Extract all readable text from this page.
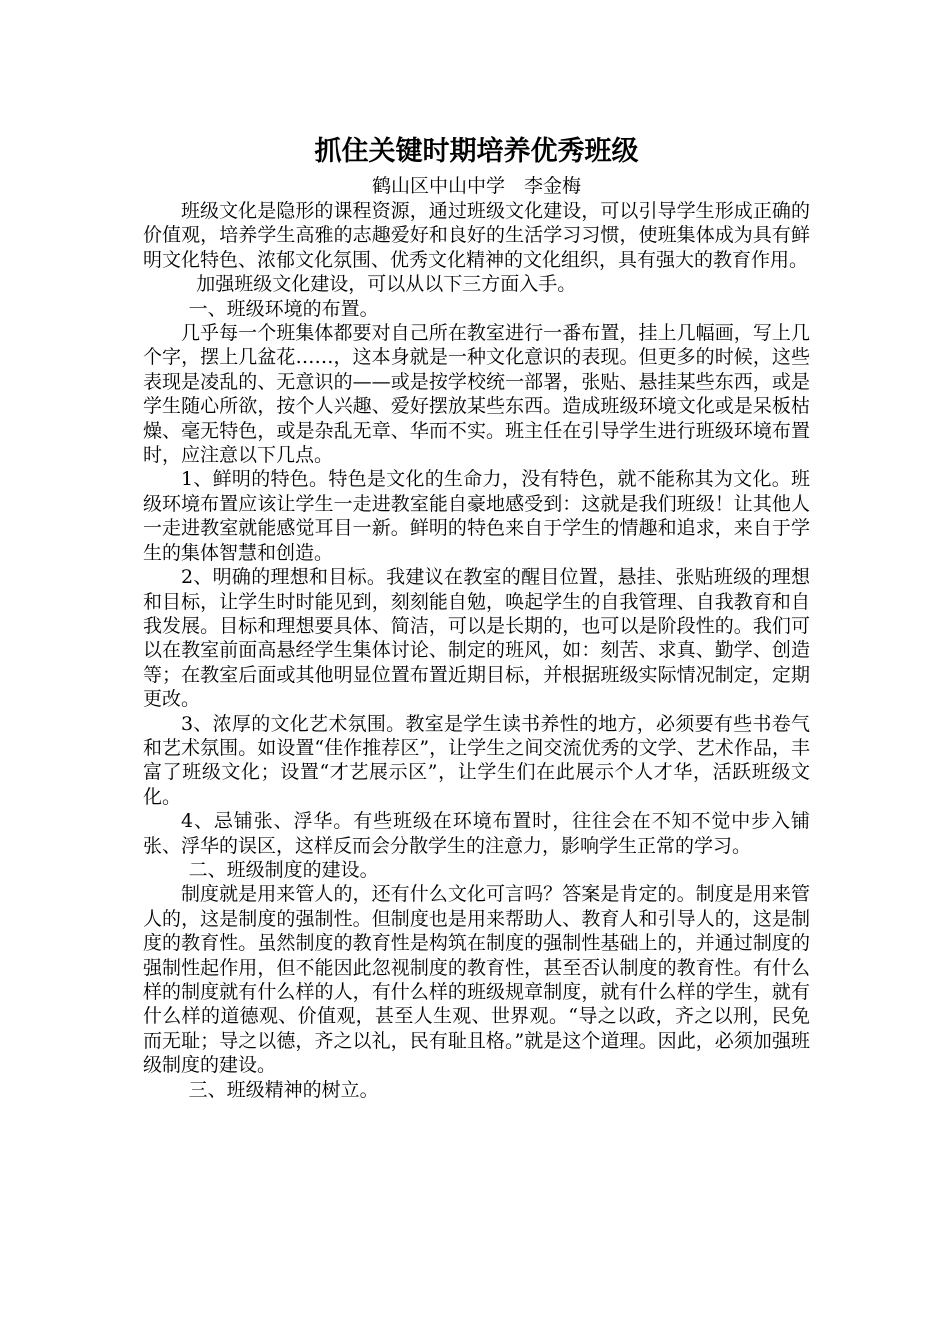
抓住关键时期培养优秀班级

鹤山区中山中学　李金梅

班级文化是隐形的课程资源，通过班级文化建设，可以引导学生形成正确的价值观，培养学生高雅的志趣爱好和良好的生活学习习惯，使班集体成为具有鲜明文化特色、浓郁文化氛围、优秀文化精神的文化组织，具有强大的教育作用。

加强班级文化建设，可以从以下三方面入手。

一、班级环境的布置。

几乎每一个班集体都要对自己所在教室进行一番布置，挂上几幅画，写上几个字，摆上几盆花……，这本身就是一种文化意识的表现。但更多的时候，这些表现是凌乱的、无意识的——或是按学校统一部署，张贴、悬挂某些东西，或是学生随心所欲，按个人兴趣、爱好摆放某些东西。造成班级环境文化或是呆板枯燥、毫无特色，或是杂乱无章、华而不实。班主任在引导学生进行班级环境布置时，应注意以下几点。

1、鲜明的特色。特色是文化的生命力，没有特色，就不能称其为文化。班级环境布置应该让学生一走进教室能自豪地感受到：这就是我们班级！让其他人一走进教室就能感觉耳目一新。鲜明的特色来自于学生的情趣和追求，来自于学生的集体智慧和创造。

2、明确的理想和目标。我建议在教室的醒目位置，悬挂、张贴班级的理想和目标，让学生时时能见到，刻刻能自勉，唤起学生的自我管理、自我教育和自我发展。目标和理想要具体、简洁，可以是长期的，也可以是阶段性的。我们可以在教室前面高悬经学生集体讨论、制定的班风，如：刻苦、求真、勤学、创造等；在教室后面或其他明显位置布置近期目标，并根据班级实际情况制定，定期更改。

3、浓厚的文化艺术氛围。教室是学生读书养性的地方，必须要有些书卷气和艺术氛围。如设置“佳作推荐区”，让学生之间交流优秀的文学、艺术作品，丰富了班级文化；设置“才艺展示区”，让学生们在此展示个人才华，活跃班级文化。

4、忌铺张、浮华。有些班级在环境布置时，往往会在不知不觉中步入铺张、浮华的误区，这样反而会分散学生的注意力，影响学生正常的学习。

二、班级制度的建设。

制度就是用来管人的，还有什么文化可言吗？答案是肯定的。制度是用来管人的，这是制度的强制性。但制度也是用来帮助人、教育人和引导人的，这是制度的教育性。虽然制度的教育性是构筑在制度的强制性基础上的，并通过制度的强制性起作用，但不能因此忽视制度的教育性，甚至否认制度的教育性。有什么样的制度就有什么样的人，有什么样的班级规章制度，就有什么样的学生，就有什么样的道德观、价值观，甚至人生观、世界观。“导之以政，齐之以刑，民免而无耻；导之以德，齐之以礼，民有耻且格。”就是这个道理。因此，必须加强班级制度的建设。

三、班级精神的树立。
